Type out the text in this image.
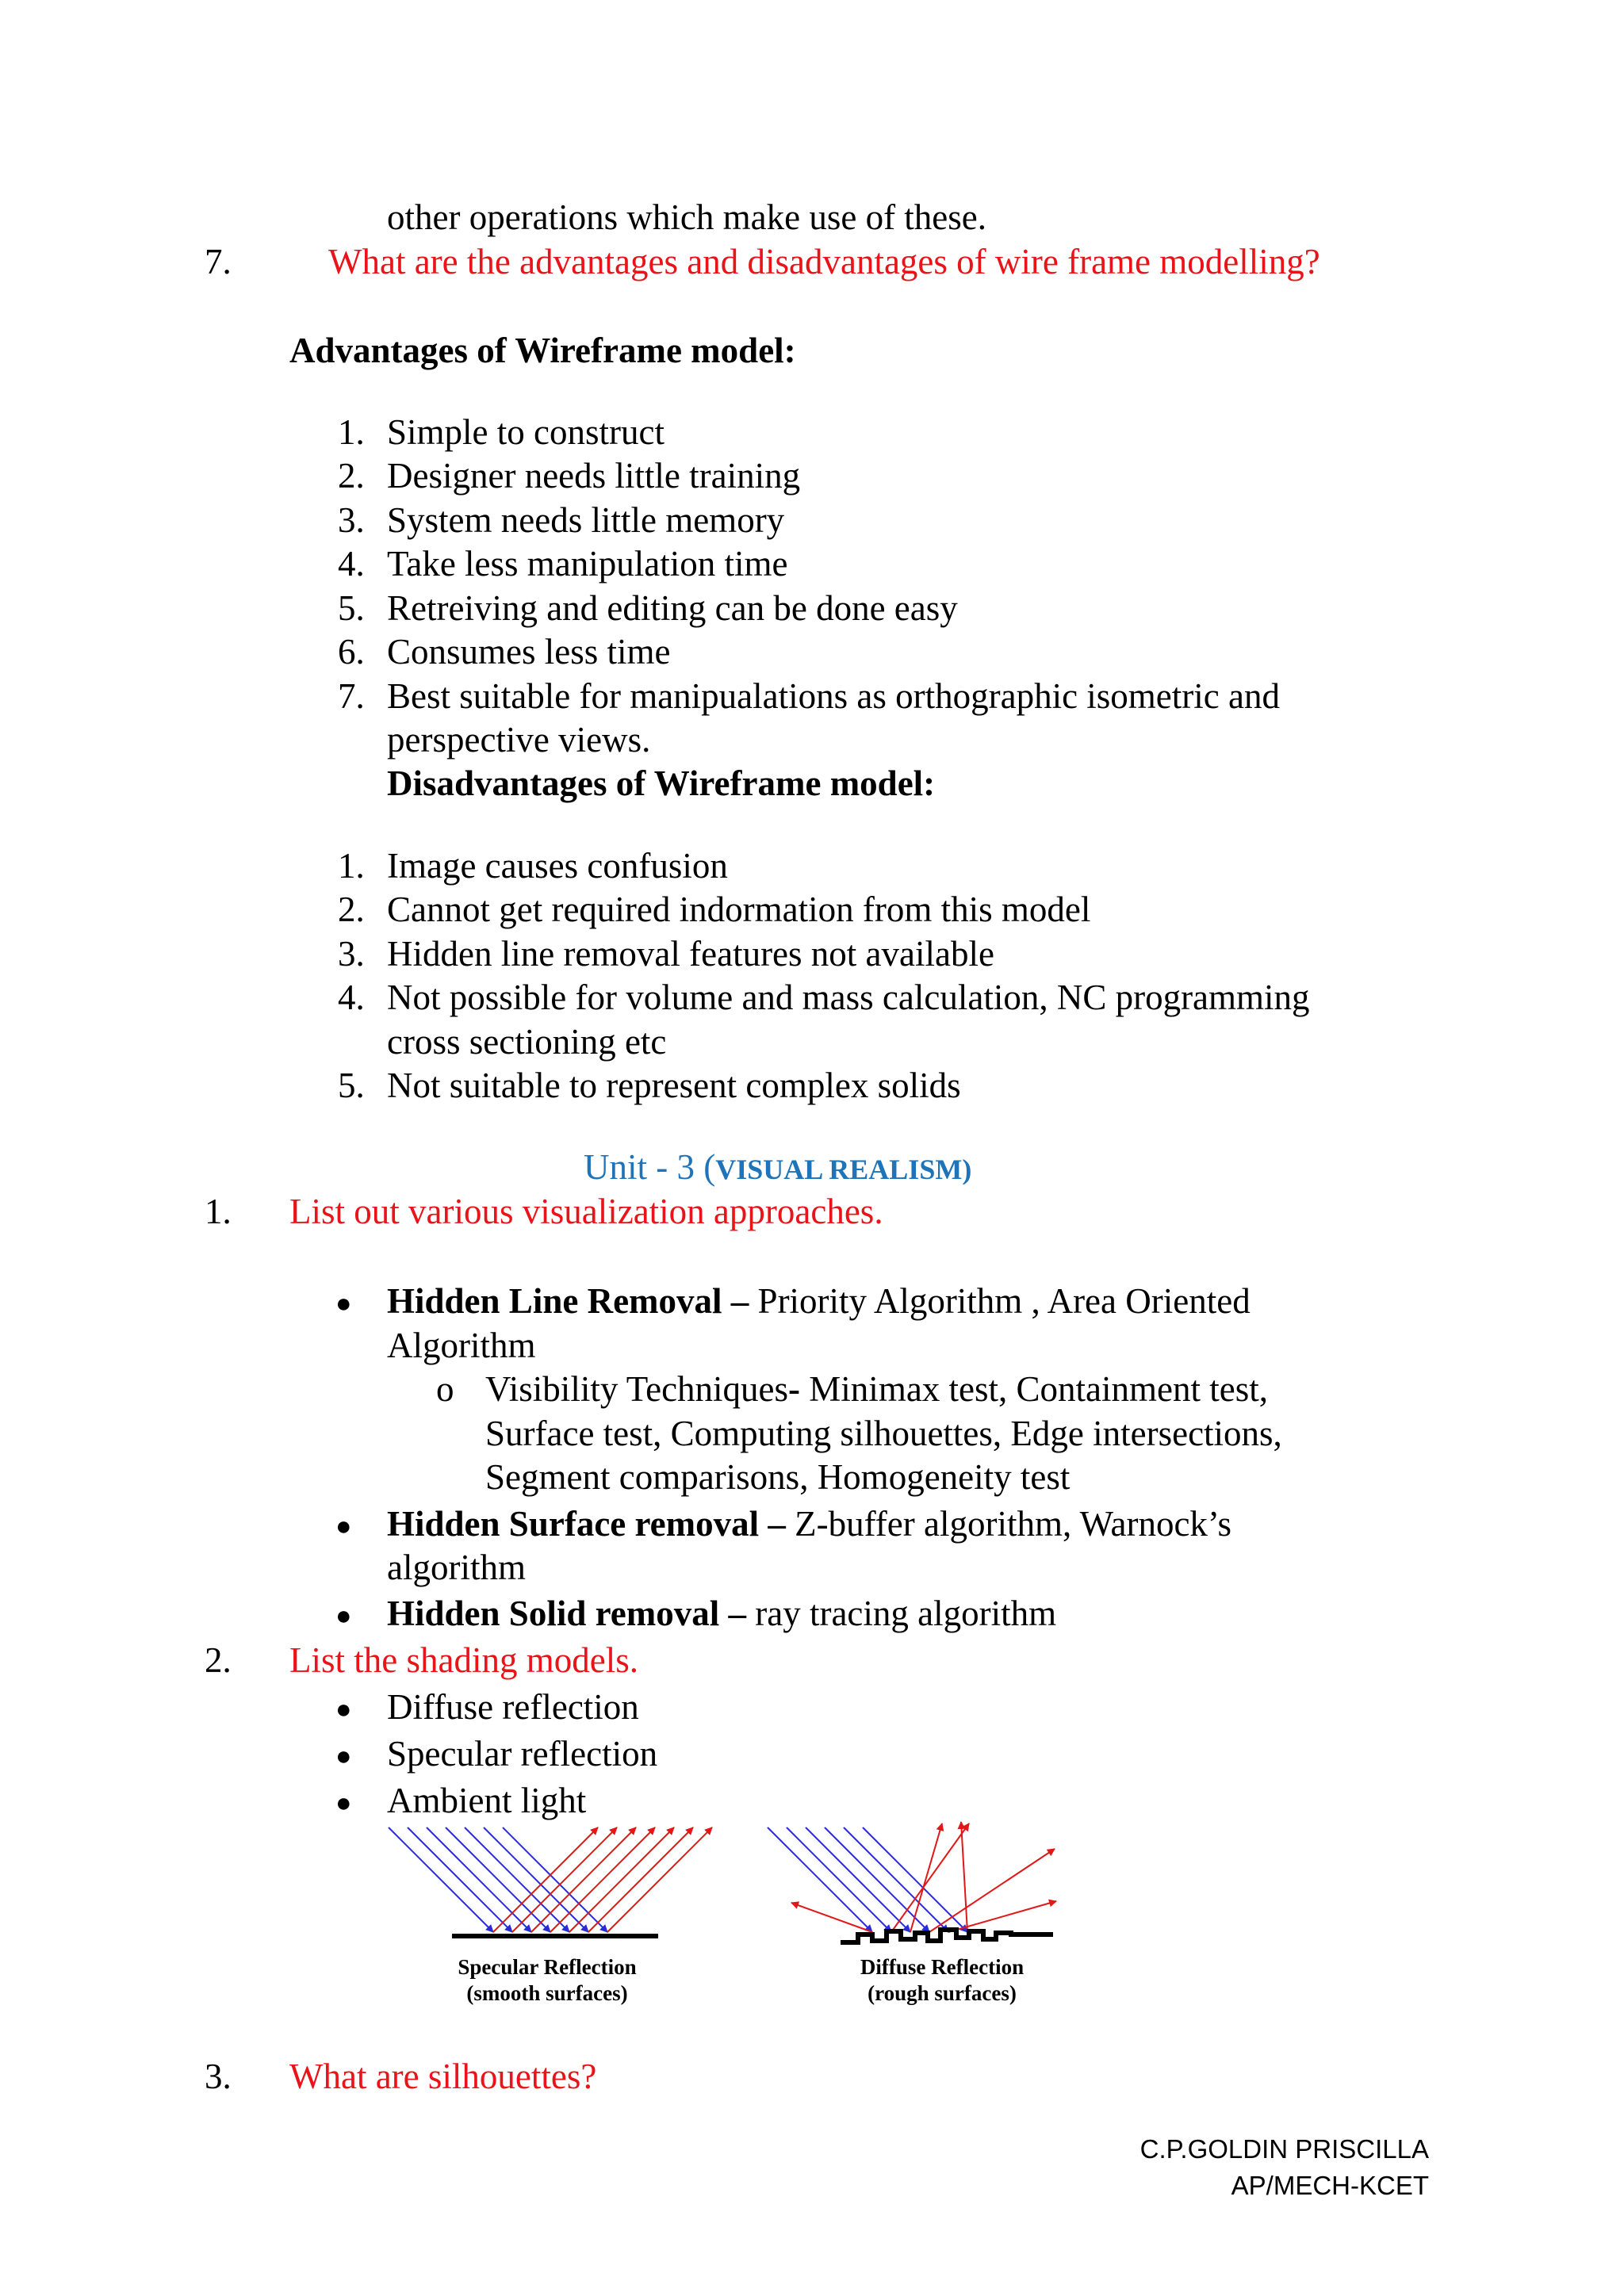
other operations which make use of these.
7.	What are the advantages and disadvantages of wire frame modelling?
Advantages of Wireframe model:
1. Simple to construct
2. Designer needs little training
3. System needs little memory
4. Take less manipulation time
5. Retreiving and editing can be done easy
6. Consumes less time
7. Best suitable for manipualations as orthographic isometric and
perspective views.
Disadvantages of Wireframe model:
1. Image causes confusion
2. Cannot get required indormation from this model
3. Hidden line removal features not available
4. Not possible for volume and mass calculation, NC programming
cross sectioning etc
5. Not suitable to represent complex solids
Unit - 3 (VISUAL REALISM)
1. List out various visualization approaches.
● Hidden Line Removal – Priority Algorithm , Area Oriented
Algorithm
o Visibility Techniques- Minimax test, Containment test,
Surface test, Computing silhouettes, Edge intersections,
Segment comparisons, Homogeneity test
● Hidden Surface removal – Z-buffer algorithm, Warnock’s
algorithm
● Hidden Solid removal – ray tracing algorithm
2. List the shading models.
● Diffuse reflection
● Specular reflection
● Ambient light
Specular Reflection
(smooth surfaces)
Diffuse Reflection
(rough surfaces)
3. What are silhouettes?
C.P.GOLDIN PRISCILLA
AP/MECH-KCET
